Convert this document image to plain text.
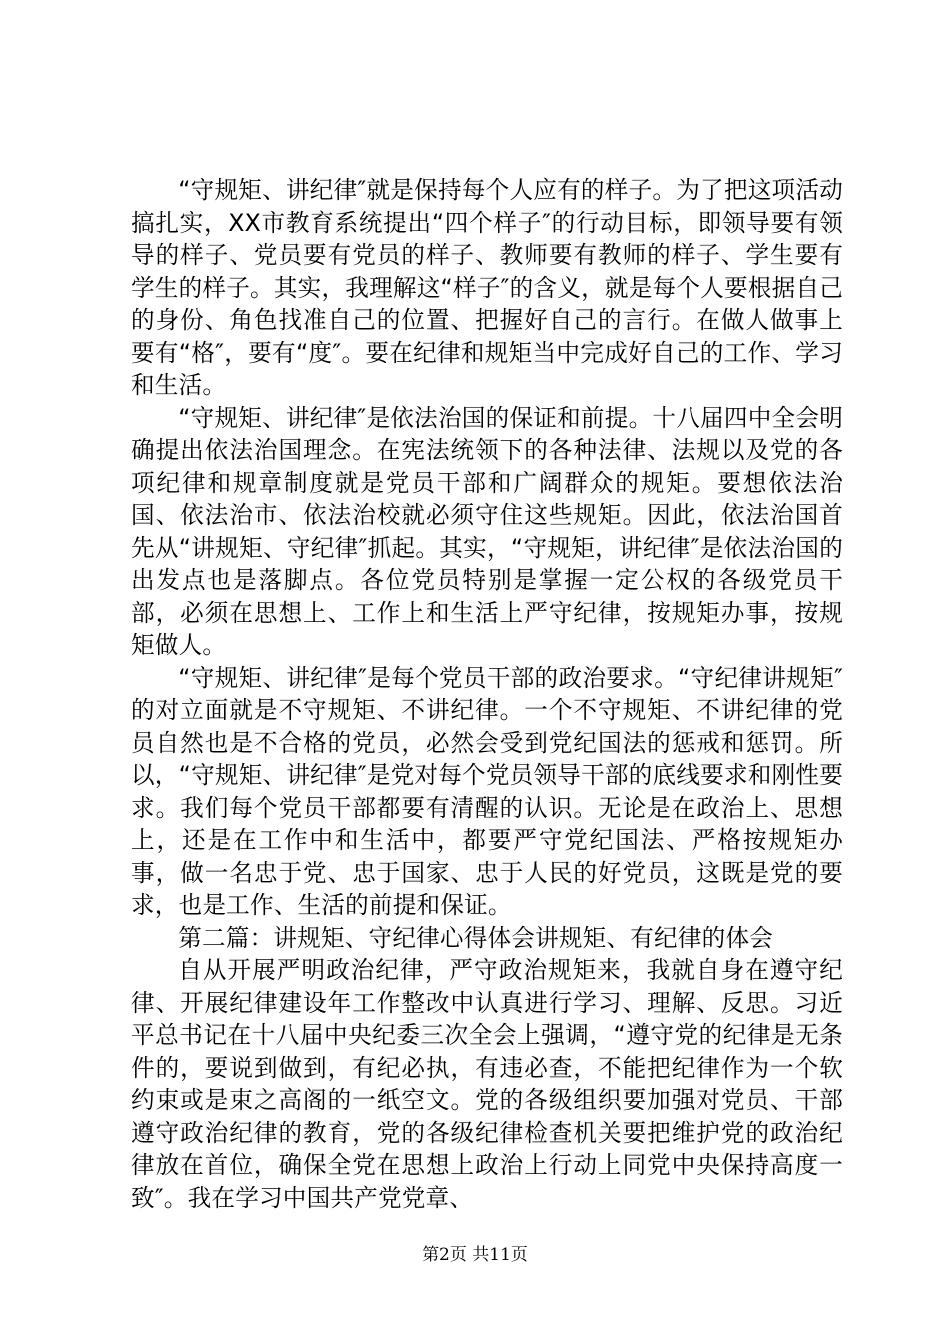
“守规矩、讲纪律″就是保持每个人应有的样子。为了把这项活动搞扎实，XX市教育系统提出“四个样子″的行动目标，即领导要有领导的样子、党员要有党员的样子、教师要有教师的样子、学生要有学生的样子。其实，我理解这“样子″的含义，就是每个人要根据自己的身份、角色找准自己的位置、把握好自己的言行。在做人做事上要有“格″，要有“度″。要在纪律和规矩当中完成好自己的工作、学习和生活。

“守规矩、讲纪律″是依法治国的保证和前提。十八届四中全会明确提出依法治国理念。在宪法统领下的各种法律、法规以及党的各项纪律和规章制度就是党员干部和广阔群众的规矩。要想依法治国、依法治市、依法治校就必须守住这些规矩。因此，依法治国首先从“讲规矩、守纪律″抓起。其实，“守规矩，讲纪律″是依法治国的出发点也是落脚点。各位党员特别是掌握一定公权的各级党员干部，必须在思想上、工作上和生活上严守纪律，按规矩办事，按规矩做人。

“守规矩、讲纪律″是每个党员干部的政治要求。“守纪律讲规矩″的对立面就是不守规矩、不讲纪律。一个不守规矩、不讲纪律的党员自然也是不合格的党员，必然会受到党纪国法的惩戒和惩罚。所以，“守规矩、讲纪律″是党对每个党员领导干部的底线要求和刚性要求。我们每个党员干部都要有清醒的认识。无论是在政治上、思想上，还是在工作中和生活中，都要严守党纪国法、严格按规矩办事，做一名忠于党、忠于国家、忠于人民的好党员，这既是党的要求，也是工作、生活的前提和保证。

第二篇：讲规矩、守纪律心得体会讲规矩、有纪律的体会

自从开展严明政治纪律，严守政治规矩来，我就自身在遵守纪律、开展纪律建设年工作整改中认真进行学习、理解、反思。习近平总书记在十八届中央纪委三次全会上强调，“遵守党的纪律是无条件的，要说到做到，有纪必执，有违必查，不能把纪律作为一个软约束或是束之高阁的一纸空文。党的各级组织要加强对党员、干部遵守政治纪律的教育，党的各级纪律检查机关要把维护党的政治纪律放在首位，确保全党在思想上政治上行动上同党中央保持高度一致″。我在学习中国共产党党章、

第2页 共11页
